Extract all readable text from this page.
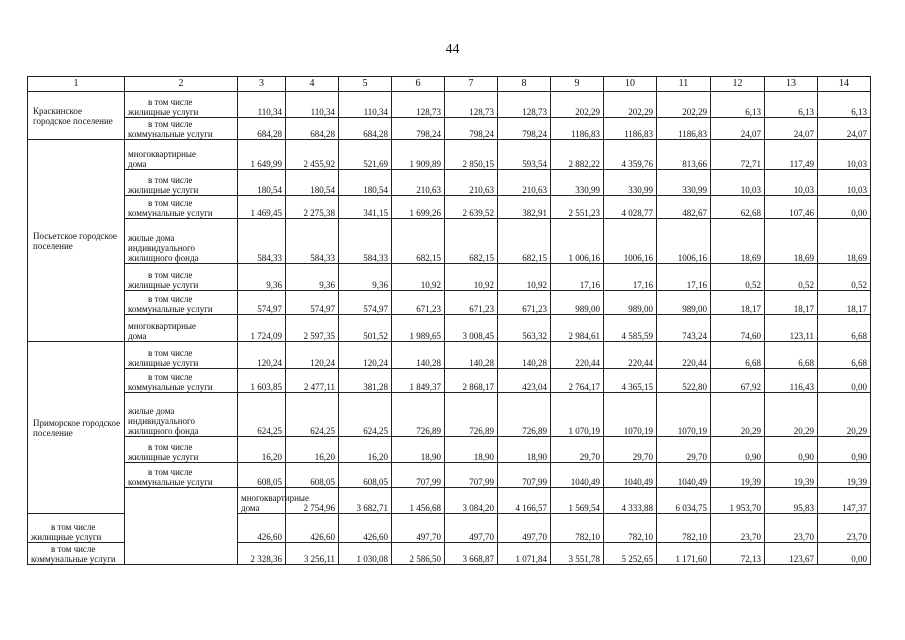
44
1	2	3	4	5	6	7	8	9	10	11	12	13	14	
Краскинское городское поселение	в том числе
жилищные услуги	110,34	110,34	110,34	128,73	128,73	128,73	202,29	202,29	202,29	6,13	6,13	6,13	

	в том числе
коммунальные услуги	684,28	684,28	684,28	798,24	798,24	798,24	1186,83	1186,83	1186,83	24,07	24,07	24,07	
Посьетское городское поселение	многоквартирные
дома	1 649,99	2 455,92	521,69	1 909,89	2 850,15	593,54	2 882,22	4 359,76	813,66	72,71	117,49	10,03	

	в том числе
жилищные услуги	180,54	180,54	180,54	210,63	210,63	210,63	330,99	330,99	330,99	10,03	10,03	10,03	

	в том числе
коммунальные услуги	1 469,45	2 275,38	341,15	1 699,26	2 639,52	382,91	2 551,23	4 028,77	482,67	62,68	107,46	0,00	

	жилые дома
индивидуального
жилищного фонда	584,33	584,33	584,33	682,15	682,15	682,15	1 006,16	1006,16	1006,16	18,69	18,69	18,69	

	в том числе
жилищные услуги	9,36	9,36	9,36	10,92	10,92	10,92	17,16	17,16	17,16	0,52	0,52	0,52	

	в том числе
коммунальные услуги	574,97	574,97	574,97	671,23	671,23	671,23	989,00	989,00	989,00	18,17	18,17	18,17	

	многоквартирные
дома	1 724,09	2 597,35	501,52	1 989,65	3 008,45	563,32	2 984,61	4 585,59	743,24	74,60	123,11	6,68	
Приморское городское поселение	в том числе
жилищные услуги	120,24	120,24	120,24	140,28	140,28	140,28	220,44	220,44	220,44	6,68	6,68	6,68	

	в том числе
коммунальные услуги	1 603,85	2 477,11	381,28	1 849,37	2 868,17	423,04	2 764,17	4 365,15	522,80	67,92	116,43	0,00	

	жилые дома
индивидуального
жилищного фонда	624,25	624,25	624,25	726,89	726,89	726,89	1 070,19	1070,19	1070,19	20,29	20,29	20,29	

	в том числе
жилищные услуги	16,20	16,20	16,20	18,90	18,90	18,90	29,70	29,70	29,70	0,90	0,90	0,90	

	в том числе
коммунальные услуги	608,05	608,05	608,05	707,99	707,99	707,99	1040,49	1040,49	1040,49	19,39	19,39	19,39	

		многоквартирные
дома	2 754,96	3 682,71	1 456,68	3 084,20	4 166,57	1 569,54	4 333,88	6 034,75	1 953,70	95,83	147,37	

в том числе
жилищные услуги		426,60	426,60	426,60	497,70	497,70	497,70	782,10	782,10	782,10	23,70	23,70	23,70	

в том числе
коммунальные услуги		2 328,36	3 256,11	1 030,08	2 586,50	3 668,87	1 071,84	3 551,78	5 252,65	1 171,60	72,13	123,67	0,00	
